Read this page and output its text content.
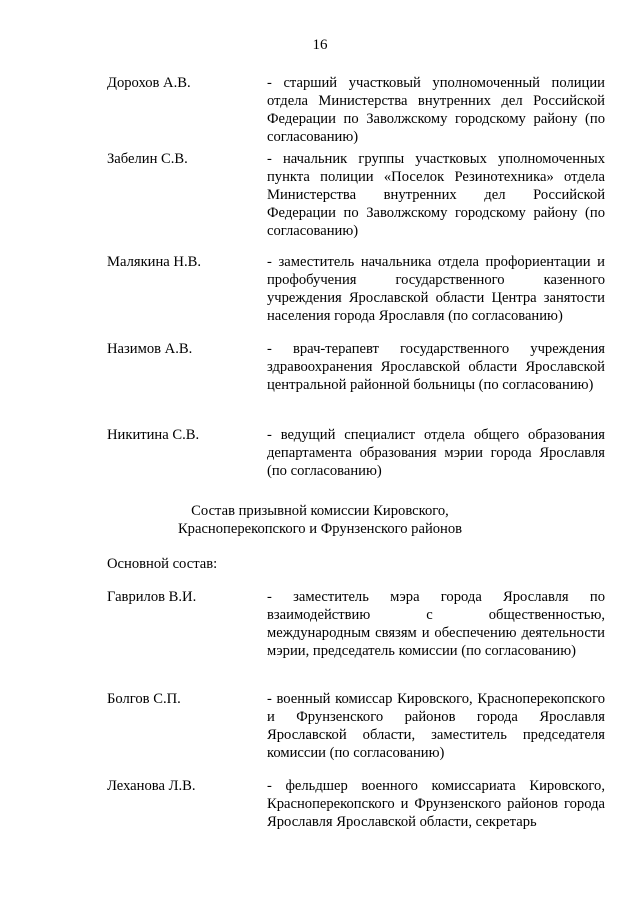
16
Дорохов А.В.	- старший участковый уполномоченный полиции отдела Министерства внутренних дел Российской Федерации по Заволжскому городскому району (по согласованию)
Забелин С.В.	- начальник группы участковых уполномоченных пункта полиции «Поселок Резинотехника» отдела Министерства внутренних дел Российской Федерации по Заволжскому городскому району (по согласованию)
Малякина Н.В.	- заместитель начальника отдела профориентации и профобучения государственного казенного учреждения Ярославской области Центра занятости населения города Ярославля (по согласованию)
Назимов А.В.	- врач-терапевт государственного учреждения здравоохранения Ярославской области Ярославской центральной районной больницы (по согласованию)
Никитина С.В.	- ведущий специалист отдела общего образования департамента образования мэрии города Ярославля (по согласованию)
Состав призывной комиссии Кировского,
Красноперекопского и Фрунзенского районов
Основной состав:
Гаврилов В.И.	- заместитель мэра города Ярославля по взаимодействию с общественностью, международным связям и обеспечению деятельности мэрии, председатель комиссии (по согласованию)
Болгов С.П.	- военный комиссар Кировского, Красноперекопского и Фрунзенского районов города Ярославля Ярославской области, заместитель председателя комиссии (по согласованию)
Леханова Л.В.	- фельдшер военного комиссариата Кировского, Красноперекопского и Фрунзенского районов города Ярославля Ярославской области, секретарь
